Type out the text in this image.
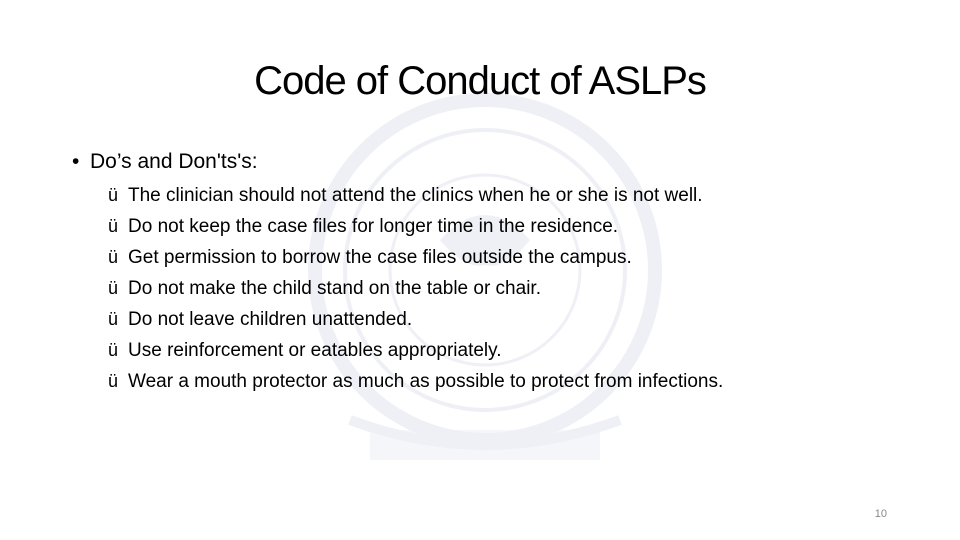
Code of Conduct of ASLPs
• Do’s and Don'ts's:
ü The clinician should not attend the clinics when he or she is not well.
ü Do not keep the case files for longer time in the residence.
ü Get permission to borrow the case files outside the campus.
ü Do not make the child stand on the table or chair.
ü Do not leave children unattended.
ü Use reinforcement or eatables appropriately.
ü Wear a mouth protector as much as possible to protect from infections.
10
